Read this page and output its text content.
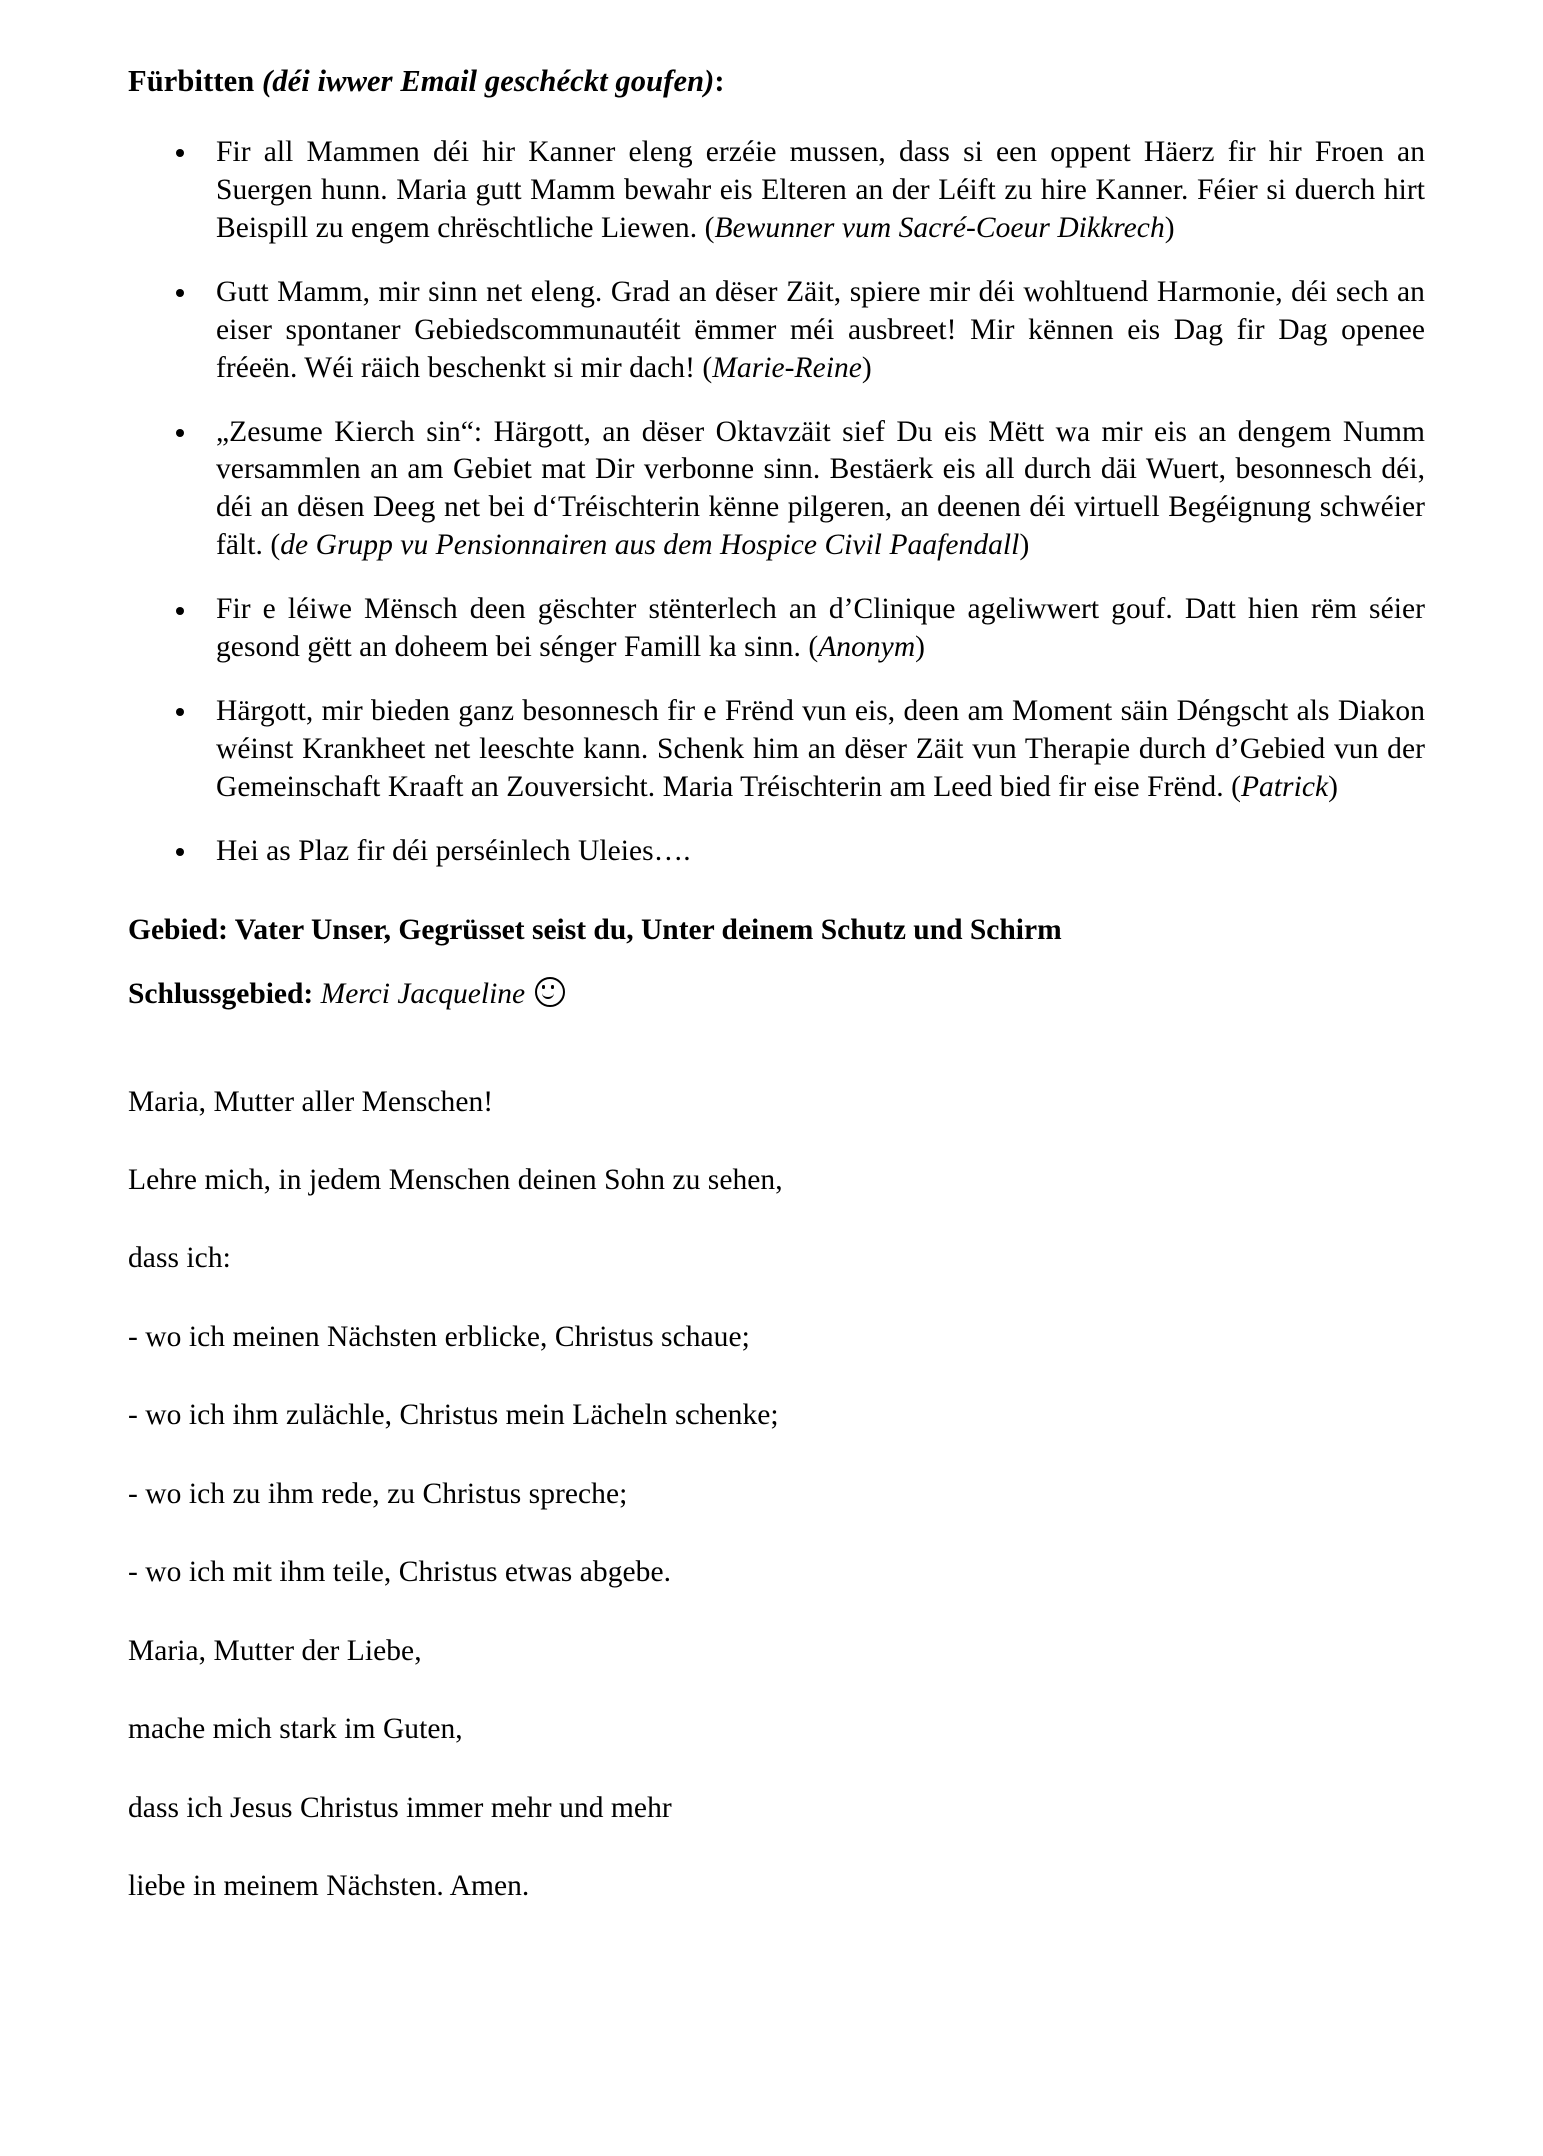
Fürbitten (déi iwwer Email geschéckt goufen):
Fir all Mammen déi hir Kanner eleng erzéie mussen, dass si een oppent Häerz fir hir Froen an Suergen hunn. Maria gutt Mamm bewahr eis Elteren an der Léift zu hire Kanner. Féier si duerch hirt Beispill zu engem chrëschtliche Liewen. (Bewunner vum Sacré-Coeur Dikkrech)
Gutt Mamm, mir sinn net eleng. Grad an dëser Zäit, spiere mir déi wohltuend Harmonie, déi sech an eiser spontaner Gebiedscommunautéit ëmmer méi ausbreet! Mir kënnen eis Dag fir Dag openee fréeën. Wéi räich beschenkt si mir dach! (Marie-Reine)
„Zesume Kierch sin“: Härgott, an dëser Oktavzäit sief Du eis Mëtt wa mir eis an dengem Numm versammlen an am Gebiet mat Dir verbonne sinn. Bestäerk eis all durch däi Wuert, besonnesch déi, déi an dësen Deeg net bei d‘Tréischterin kënne pilgeren, an deenen déi virtuell Begéignung schwéier fält. (de Grupp vu Pensionnairen aus dem Hospice Civil Paafendall)
Fir e léiwe Mënsch deen gëschter stënterlech an d’Clinique ageliwwert gouf. Datt hien rëm séier gesond gëtt an doheem bei sénger Famill ka sinn. (Anonym)
Härgott, mir bieden ganz besonnesch fir e Frënd vun eis, deen am Moment säin Déngscht als Diakon wéinst Krankheet net leeschte kann. Schenk him an dëser Zäit vun Therapie durch d’Gebied vun der Gemeinschaft Kraaft an Zouversicht. Maria Tréischterin am Leed bied fir eise Frënd. (Patrick)
Hei as Plaz fir déi perséinlech Uleies….
Gebied: Vater Unser, Gegrüsset seist du, Unter deinem Schutz und Schirm
Schlussgebied: Merci Jacqueline

Maria, Mutter aller Menschen!

Lehre mich, in jedem Menschen deinen Sohn zu sehen,

dass ich:

- wo ich meinen Nächsten erblicke, Christus schaue;

- wo ich ihm zulächle, Christus mein Lächeln schenke;

- wo ich zu ihm rede, zu Christus spreche;

- wo ich mit ihm teile, Christus etwas abgebe.

Maria, Mutter der Liebe,

mache mich stark im Guten,

dass ich Jesus Christus immer mehr und mehr

liebe in meinem Nächsten. Amen.
